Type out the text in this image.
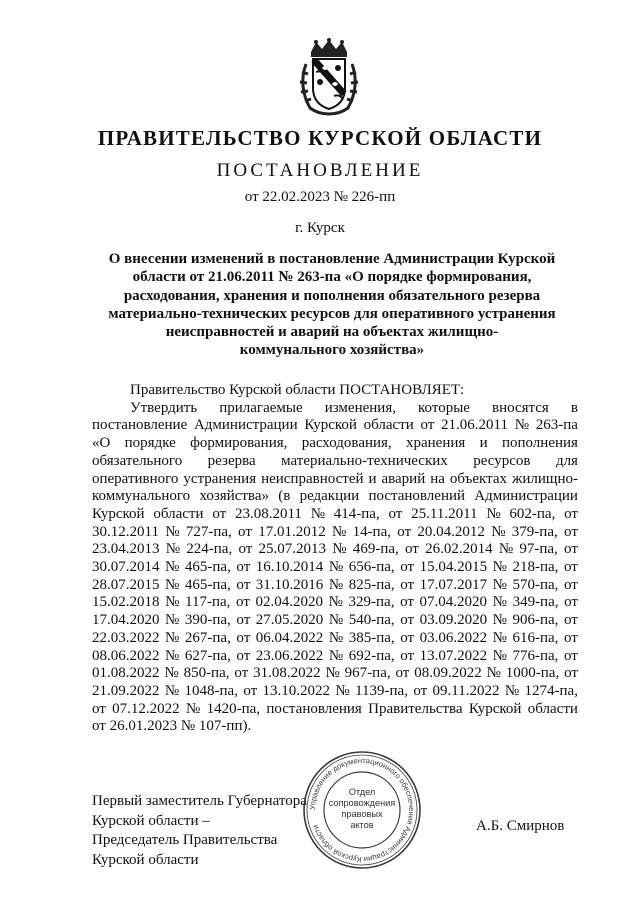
ПРАВИТЕЛЬСТВО КУРСКОЙ ОБЛАСТИ
ПОСТАНОВЛЕНИЕ
от 22.02.2023 № 226-пп
г. Курск
О внесении изменений в постановление Администрации Курской
области от 21.06.2011 № 263-па «О порядке формирования,
расходования, хранения и пополнения обязательного резерва
материально-технических ресурсов для оперативного устранения
неисправностей и аварий на объектах жилищно-
коммунального хозяйства»
Правительство Курской области ПОСТАНОВЛЯЕТ:
Утвердить прилагаемые изменения, которые вносятся в
постановление Администрации Курской области от 21.06.2011 № 263-па
«О порядке формирования, расходования, хранения и пополнения
обязательного резерва материально-технических ресурсов для
оперативного устранения неисправностей и аварий на объектах жилищно-
коммунального хозяйства» (в редакции постановлений Администрации
Курской области от 23.08.2011 № 414-па, от 25.11.2011 № 602-па, от
30.12.2011 № 727-па, от 17.01.2012 № 14-па, от 20.04.2012 № 379-па, от
23.04.2013 № 224-па, от 25.07.2013 № 469-па, от 26.02.2014 № 97-па, от
30.07.2014 № 465-па, от 16.10.2014 № 656-па, от 15.04.2015 № 218-па, от
28.07.2015 № 465-па, от 31.10.2016 № 825-па, от 17.07.2017 № 570-па, от
15.02.2018 № 117-па, от 02.04.2020 № 329-па, от 07.04.2020 № 349-па, от
17.04.2020 № 390-па, от 27.05.2020 № 540-па, от 03.09.2020 № 906-па, от
22.03.2022 № 267-па, от 06.04.2022 № 385-па, от 03.06.2022 № 616-па, от
08.06.2022 № 627-па, от 23.06.2022 № 692-па, от 13.07.2022 № 776-па, от
01.08.2022 № 850-па, от 31.08.2022 № 967-па, от 08.09.2022 № 1000-па, от
21.09.2022 № 1048-па, от 13.10.2022 № 1139-па, от 09.11.2022 № 1274-па,
от 07.12.2022 № 1420-па, постановления Правительства Курской области
от 26.01.2023 № 107-пп).
Первый заместитель Губернатора
Курской области –
Председатель Правительства
Курской области
А.Б. Смирнов
Управление документационного обеспечения Администрации Курской области
Отдел сопровождения правовых актов
